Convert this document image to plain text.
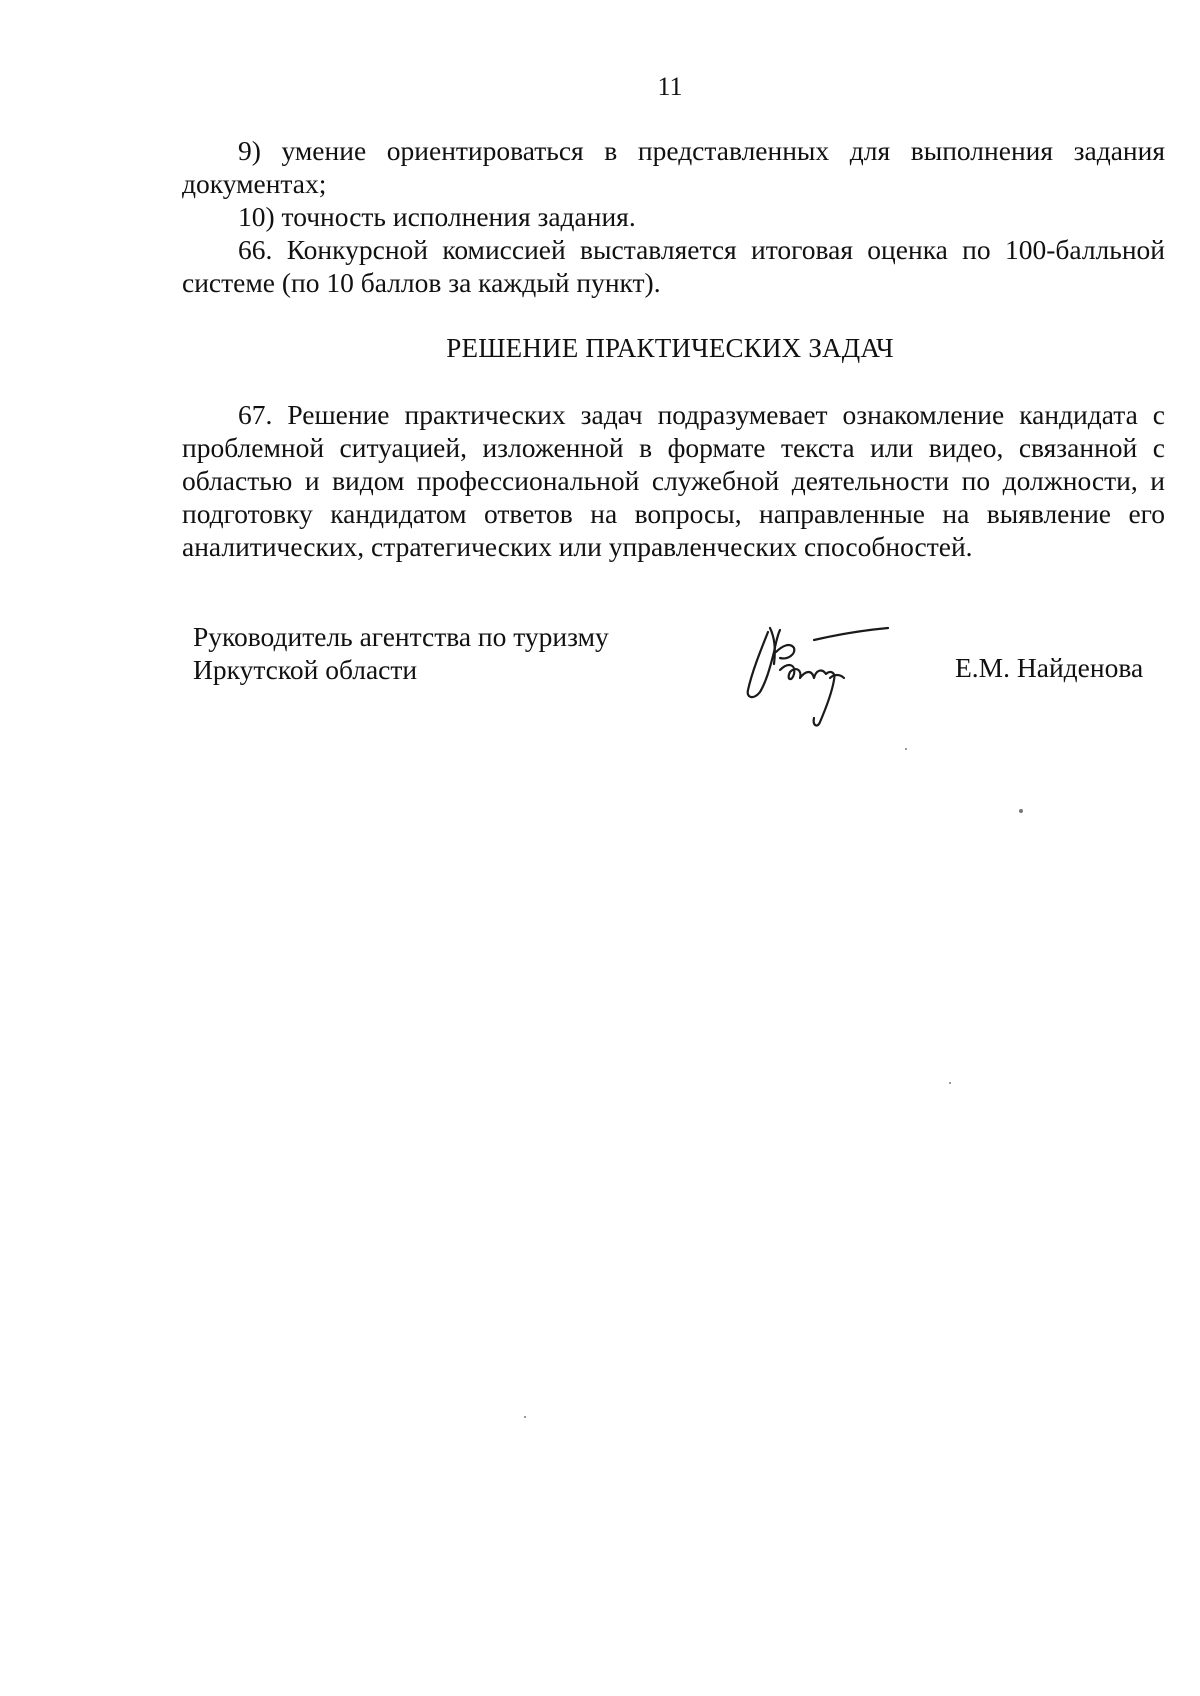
11

9) умение ориентироваться в представленных для выполнения задания документах;

10) точность исполнения задания.

66. Конкурсной комиссией выставляется итоговая оценка по 100-балльной системе (по 10 баллов за каждый пункт).

РЕШЕНИЕ ПРАКТИЧЕСКИХ ЗАДАЧ

67. Решение практических задач подразумевает ознакомление кандидата с проблемной ситуацией, изложенной в формате текста или видео, связанной с областью и видом профессиональной служебной деятельности по должности, и подготовку кандидатом ответов на вопросы, направленные на выявление его аналитических, стратегических или управленческих способностей.

Руководитель агентства по туризму
Иркутской области	Е.М. Найденова
